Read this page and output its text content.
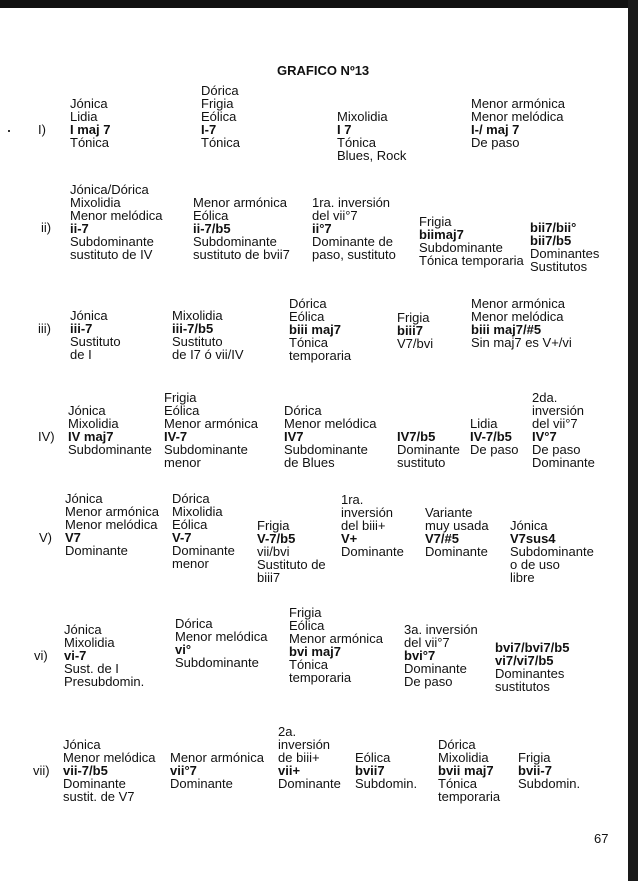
GRAFICO Nº13
I)
Jónica
Lidia
I maj 7
Tónica
Dórica
Frigia
Eólica
I-7
Tónica
Mixolidia
I 7
Tónica
Blues, Rock
Menor armónica
Menor melódica
I-/ maj 7
De paso
ii)
Jónica/Dórica
Mixolidia
Menor melódica
ii-7
Subdominante
sustituto de IV
Menor armónica
Eólica
ii-7/b5
Subdominante
sustituto de bvii7
1ra. inversión
del vii°7
ii°7
Dominante de
paso, sustituto
Frigia
biimaj7
Subdominante
Tónica temporaria
bii7/bii°
bii7/b5
Dominantes
Sustitutos
iii)
Jónica
iii-7
Sustituto
de I
Mixolidia
iii-7/b5
Sustituto
de I7 ó vii/IV
Dórica
Eólica
biii maj7
Tónica
temporaria
Frigia
biii7
V7/bvi
Menor armónica
Menor melódica
biii maj7/#5
Sin maj7 es V+/vi
IV)
Jónica
Mixolidia
IV maj7
Subdominante
Frigia
Eólica
Menor armónica
IV-7
Subdominante
menor
Dórica
Menor melódica
IV7
Subdominante
de Blues
IV7/b5
Dominante
sustituto
Lidia
IV-7/b5
De paso
2da.
inversión
del vii°7
IV°7
De paso
Dominante
V)
Jónica
Menor armónica
Menor melódica
V7
Dominante
Dórica
Mixolidia
Eólica
V-7
Dominante
menor
Frigia
V-7/b5
vii/bvi
Sustituto de
biii7
1ra.
inversión
del biii+
V+
Dominante
Variante
muy usada
V7/#5
Dominante
Jónica
V7sus4
Subdominante
o de uso
libre
vi)
Jónica
Mixolidia
vi-7
Sust. de I
Presubdomin.
Dórica
Menor melódica
vi°
Subdominante
Frigia
Eólica
Menor armónica
bvi maj7
Tónica
temporaria
3a. inversión
del vii°7
bvi°7
Dominante
De paso
bvi7/bvi7/b5
vi7/vi7/b5
Dominantes
sustitutos
vii)
Jónica
Menor melódica
vii-7/b5
Dominante
sustit. de V7
Menor armónica
vii°7
Dominante
2a.
inversión
de biii+
vii+
Dominante
Eólica
bvii7
Subdomin.
Dórica
Mixolidia
bvii maj7
Tónica
temporaria
Frigia
bvii-7
Subdomin.
67
